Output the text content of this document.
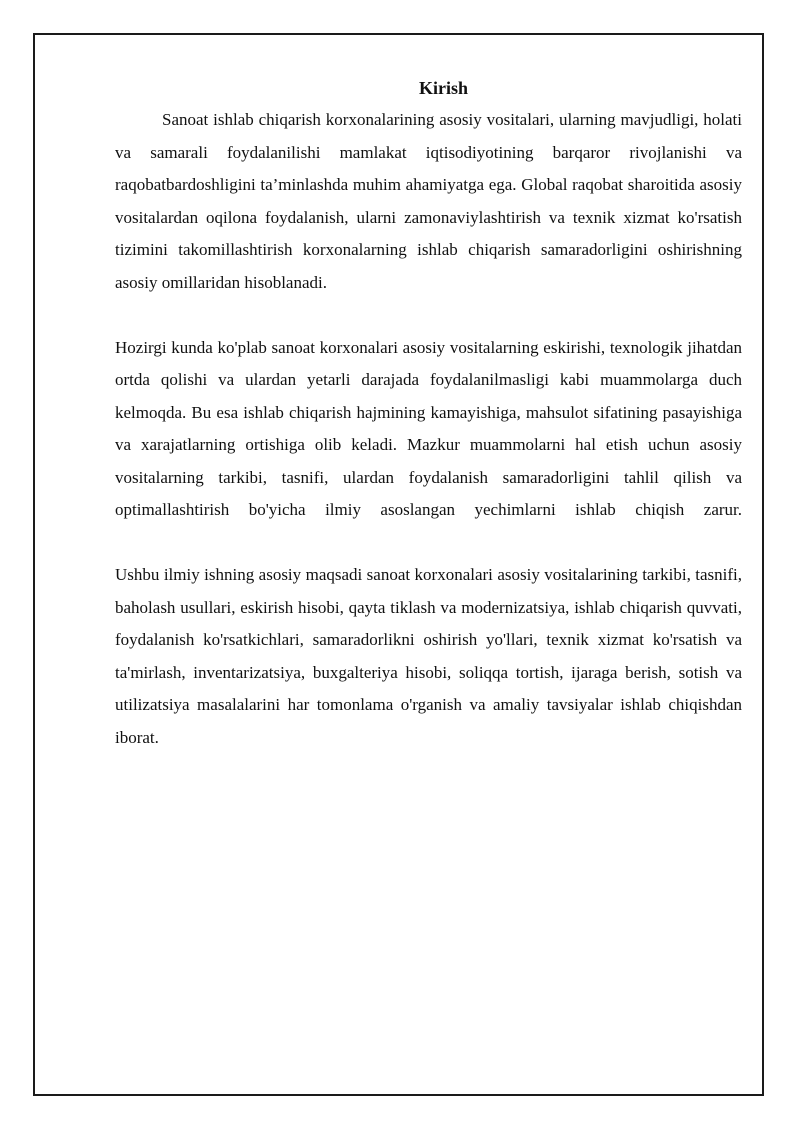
Kirish

Sanoat ishlab chiqarish korxonalarining asosiy vositalari, ularning mavjudligi, holati va samarali foydalanilishi mamlakat iqtisodiyotining barqaror rivojlanishi va raqobatbardoshligini ta’minlashda muhim ahamiyatga ega. Global raqobat sharoitida asosiy vositalardan oqilona foydalanish, ularni zamonaviylashtirish va texnik xizmat ko'rsatish tizimini takomillashtirish korxonalarning ishlab chiqarish samaradorligini oshirishning asosiy omillaridan hisoblanadi.

Hozirgi kunda ko'plab sanoat korxonalari asosiy vositalarning eskirishi, texnologik jihatdan ortda qolishi va ulardan yetarli darajada foydalanilmasligi kabi muammolarga duch kelmoqda. Bu esa ishlab chiqarish hajmining kamayishiga, mahsulot sifatining pasayishiga va xarajatlarning ortishiga olib keladi. Mazkur muammolarni hal etish uchun asosiy vositalarning tarkibi, tasnifi, ulardan foydalanish samaradorligini tahlil qilish va optimallashtirish bo'yicha ilmiy asoslangan yechimlarni ishlab chiqish zarur.

Ushbu ilmiy ishning asosiy maqsadi sanoat korxonalari asosiy vositalarining tarkibi, tasnifi, baholash usullari, eskirish hisobi, qayta tiklash va modernizatsiya, ishlab chiqarish quvvati, foydalanish ko'rsatkichlari, samaradorlikni oshirish yo'llari, texnik xizmat ko'rsatish va ta'mirlash, inventarizatsiya, buxgalteriya hisobi, soliqqa tortish, ijaraga berish, sotish va utilizatsiya masalalarini har tomonlama o'rganish va amaliy tavsiyalar ishlab chiqishdan iborat.
